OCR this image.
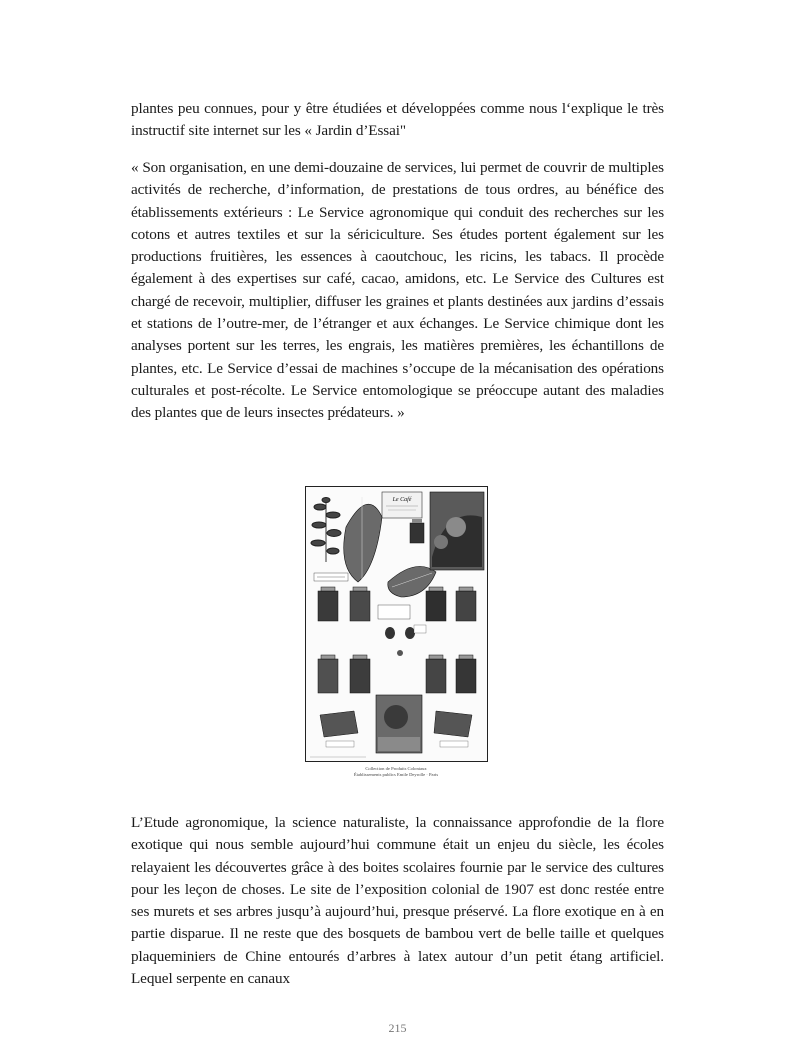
plantes peu connues, pour y être étudiées et développées comme nous l‘explique le très instructif site internet sur les « Jardin d’Essai"

« Son organisation, en une demi-douzaine de services, lui permet de couvrir de multiples activités de recherche, d’information, de prestations de tous ordres, au bénéfice des établissements extérieurs : Le Service agronomique qui conduit des recherches sur les cotons et autres textiles et sur la sériciculture. Ses études portent également sur les productions fruitières, les essences à caoutchouc, les ricins, les tabacs. Il procède également à des expertises sur café, cacao, amidons, etc. Le Service des Cultures est chargé de recevoir, multiplier, diffuser les graines et plants destinées aux jardins d’essais et stations de l’outre-mer, de l’étranger et aux échanges. Le Service chimique dont les analyses portent sur les terres, les engrais, les matières premières, les échantillons de plantes, etc. Le Service d’essai de machines s’occupe de la mécanisation des opérations culturales et post-récolte. Le Service entomologique se préoccupe autant des maladies des plantes que de leurs insectes prédateurs. »

Le Café
Collection de Produits Coloniaux
Établissements publics Emile Deyrolle · Paris

L’Etude agronomique, la science naturaliste, la connaissance approfondie de la flore exotique qui nous semble aujourd’hui commune était un enjeu du siècle, les écoles relayaient les découvertes grâce à des boites scolaires fournie par le service des cultures pour les leçon de choses. Le site de l’exposition colonial de 1907 est donc restée entre ses murets et ses arbres jusqu’à aujourd’hui, presque préservé. La flore exotique en à en partie disparue. Il ne reste que des bosquets de bambou vert de belle taille et quelques plaqueminiers de Chine entourés d’arbres à latex autour d’un petit étang artificiel. Lequel serpente en canaux

215
